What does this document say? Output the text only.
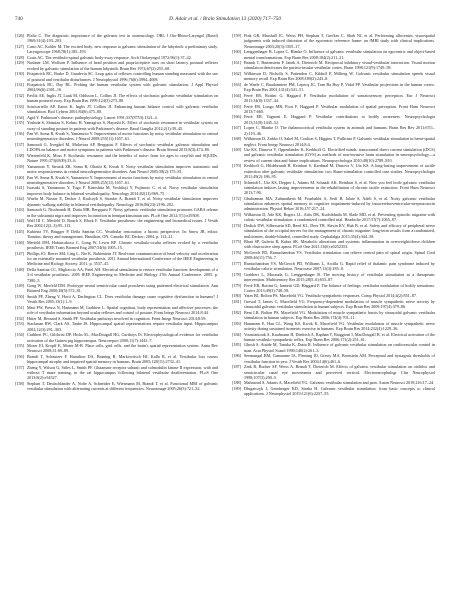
740	D. Adair et al. / Brain Stimulation 13 (2020) 717–750
[126] Pfaltz C. The diagnostic importance of the galvanic test in otoneurology. ORL J Oto-Rhino-Laryngol (Basel) 1969;31(4):193–203.
[127] Curio AC, Kobler M. The excited body: new response to galvanic stimulation of the labyrinth: a preliminary study. Laryngoscope 1968;78(1):185–193.
[128] Coats AC. The vestibulo-spinal galvanic body-sway response. Arch Otolaryngol 1972;96(1):37–42.
[129] Nashner LM, Wolfson P. Influence of head position and proprioceptive cues on short latency postural reflexes evoked by galvanic stimulation of the human labyrinth. Brain Res 1974;67(2):255–68.
[130] Fitzpatrick RC, Burke D, Gandevia SC. Loop gain of reflexes controlling human standing measured with the use of postural and vestibular disturbances. J Neurophysiol 1996;76(6):3994–4008.
[131] Fitzpatrick RC, Day BL. Probing the human vestibular system with galvanic stimulation. J Appl Physiol 2004;96(6):2301–16.
[132] Pavlik AE, Inglis JT, Lauk M, Oddsson L, Collins JJ. The effects of stochastic galvanic vestibular stimulation on human postural sway. Exp Brain Res 1999;124(3):273–80.
[133] Scinicariello AP, Eaton K, Inglis JT, Collins JJ. Enhancing human balance control with galvanic vestibular stimulation. Biol Cybern 2001;84(6):475–80.
[134] Agid Y. Parkinson's disease: pathophysiology. Lancet 1991;337(8753):1321–4.
[135] Yoshida S, Shimizu S, Kohno H, Yamagiwa S, Hayashi K. Effect of stochastic resonance in vestibular system on sway of standing posture in patients with Parkinson's disease. Basal Ganglia 2012;2(1):39–45.
[136] Pan W, Soma R, Kwak S, Yamamoto Y. Improvement of motor functions by noisy vestibular stimulation in central neurodegenerative disorders. J Neurol 2008;255(11):1657–61.
[137] Samoudi G, Jivegård M, Mulavara AP, Bergquist F. Effects of stochastic vestibular galvanic stimulation and LDOPA on balance and motor symptoms in patients with Parkinson's disease. Brain Stimul 2015;8(3):474–80.
[138] Wiesenfeld K, Moss F. Stochastic resonance and the benefits of noise: from ice ages to crayfish and SQUIDs. Nature 1995;373(6509):33–6.
[139] Yamamoto Y, Struzik ZR, Soma R, Ohashi K, Kwak S. Noisy vestibular stimulation improves autonomic and motor responsiveness in central neurodegenerative disorders. Ann Neurol 2005;58(2):175–81.
[140] Pan W, Soma R, Kwak S, Yamamoto Y. Improvement of motor functions by noisy vestibular stimulation in central neurodegenerative disorders. J Neurol 2008;255(11):1657–61.
[141] Iwasaki S, Yamamoto Y, Togo F, Kinoshita M, Yoshifuji Y, Fujimoto C, et al. Noisy vestibular stimulation improves body balance in bilateral vestibulopathy. Neurology 2014;82(11):969–75.
[142] Wuehr M, Nusser E, Decker J, Krafczyk S, Straube A, Brandt T, et al. Noisy vestibular stimulation improves dynamic walking stability in bilateral vestibulopathy. Neurology 2016;86(23):2196–202.
[143] Samoudi G, Nissbrandt H, Dutia MB, Bergquist F. Noisy galvanic vestibular stimulation promotes GABA release in the substantia nigra and improves locomotion in hemiparkinsonian rats. PLoS One 2012;7(1):e29308.
[144] Wall III C, Merfeld D, Rauch S, Black F. Vestibular prostheses: the engineering and biomedical issues. J Vestib Res 2002;12(2–3):95–113.
[145] Kubiena TV, Brugger P, Della Santina CC. Vestibular restoration: a bionic perspective. In: Snow JB, editor. Tinnitus: theory and management. Hamilton, ON, Canada: BC Decker; 2004. p. 112–21.
[146] Merfeld DM, Haburcakova C, Gong W, Lewis RF. Chronic vestibulo-ocular reflexes evoked by a vestibular prosthesis. IEEE Trans Biomed Eng 2007;54(6):1005–15.
[147] Phillips JO, Bierer SM, Ling L, Nie K, Rubinstein JT. Real-time communication of head velocity and acceleration for an externally mounted vestibular prosthesis. 2011 Annual International Conference of the IEEE Engineering in Medicine and Biology Society. 2011. p. 3537–41.
[148] Della Santina CC, Migliaccio AA, Patel AH. Electrical stimulation to restore vestibular function: development of a 3-d vestibular prosthesis. 2005 IEEE Engineering in Medicine and Biology 27th Annual Conference. 2005. p. 7380–5.
[149] Gong W, Merfeld DM. Prototype neural semicircular canal prosthesis using patterned electrical stimulation. Ann Biomed Eng 2000;28(5):572–81.
[150] Smith PF, Zheng Y, Horii A, Darlington CL. Does vestibular damage cause cognitive dysfunction in humans? J Vestib Res 2005;15(1):1–9.
[151] Mast FW, Preuss N, Hartmann M, Grabherr L. Spatial cognition, body representation and affective processes: the role of vestibular information beyond ocular reflexes and control of posture. Front Integr Neurosci 2014;8:44.
[152] Hitier M, Besnard S, Smith PF. Vestibular pathways involved in cognition. Front Integr Neurosci 2014;8:59.
[153] Stackman RW, Clark AS, Taube JS. Hippocampal spatial representations require vestibular input. Hippocampus 2002;12(3):291–303.
[154] Cuthbert PC, Gilchrist DP, Hicks SL, MacDougall HG, Curthoys IS. Electrophysiological evidence for vestibular activation of the Guinea pig hippocampus. Neuroreport 2000;11(7):1443–7.
[155] Moser EI, Kropff E, Moser M-B. Place cells, grid cells, and the brain's spatial representation system. Annu Rev Neurosci 2008;31:69–89.
[156] Brandt T, Schautzer F, Hamilton DA, Brüning R, Markowitsch HJ, Kalla R, et al. Vestibular loss causes hippocampal atrophy and impaired spatial memory in humans. Brain 2005;128(11):2732–41.
[157] Zheng Y, Wilson G, Stiles L, Smith PF. Glutamate receptor subunit and calmodulin kinase II expression, with and without T maze training, in the rat hippocampus following bilateral vestibular deafferentation. PLoS One 2013;8(2):e54527.
[158] Stephan T, Deutschländer A, Nolte A, Schneider E, Wiesmann M, Brandt T, et al. Functional MRI of galvanic vestibular stimulation with alternating currents at different frequencies. Neuroimage 2005;26(3):721–32.
[159] Fink GR, Marshall JC, Weiss PH, Stephan T, Grefkes C, Shah NJ, et al. Performing allocentric visuospatial judgments with induced distortion of the egocentric reference frame: an fMRI study with clinical implications. Neuroimage 2003;20(3):1505–17.
[160] Lenggenhager B, Lopez C, Blanke O. Influence of galvanic vestibular stimulation on egocentric and object-based mental transformations. Exp Brain Res 2008;184(2):211–21.
[161] Brandt T, Bartenstein P, Janek A, Dieterich M. Reciprocal inhibitory visual-vestibular interaction. Visual motion stimulation deactivates the parieto-insular vestibular cortex. Brain 1998;121(9):1749–58.
[162] Wilkinson D, Nicholls S, Pattenden C, Kilduff P, Milberg W. Galvanic vestibular stimulation speeds visual memory recall. Exp Brain Res 2008;189(2):243–8.
[163] de Waele C, Baudonniere PM, Lepecq JC, Tran Ba Huy P, Vidal PP. Vestibular projections in the human cortex. Exp Brain Res 2001;141(4):541–51.
[164] Ferrè ER, Bottini G, Haggard P. Vestibular modulation of somatosensory perception. Eur J Neurosci 2011;34(8):1337–44.
[165] Ferrè ER, Longo MR, Fiori F, Haggard P. Vestibular modulation of spatial perception. Front Hum Neurosci 2013;7:660.
[166] Ferrè ER, Vagnoni E, Haggard P. Vestibular contributions to bodily awareness. Neuropsychologia 2013;51(8):1445–52.
[167] Lopez C, Blanke O. The thalamocortical vestibular system in animals and humans. Brain Res Rev 2011;67(1–2):119–46.
[168] Wilkinson D, Zubko O, Sakel M, Coulton S, Higgins T, Pullicino P. Galvanic vestibular stimulation in hemi-spatial neglect. Front Integr Neurosci 2014;8:4.
[169] Utz KS, Dimova V, Oppenländer K, Kerkhoff G. Electrified minds: transcranial direct current stimulation (tDCS) and galvanic vestibular stimulation (GVS) as methods of non-invasive brain stimulation in neuropsychology—a review of current data and future implications. Neuropsychologia 2010;48(10):2789–810.
[170] Kerkhoff G, Hildebrandt H, Reinhart S, Kardinal M, Dimova V, Utz KS. A long-lasting improvement of tactile extinction after galvanic vestibular stimulation: two Sham-stimulation controlled case studies. Neuropsychologia 2011;49(2):186–95.
[171] Schmidt L, Utz KS, Depper L, Adams M, Schaadt AK, Reinhart S, et al. Now you feel both: galvanic vestibular stimulation induces lasting improvements in the rehabilitation of chronic tactile extinction. Front Hum Neurosci 2013;7:90.
[172] Ghahraman MA, Zahmatkesh M, Pourbakht A, Seifi B, Jalaie S, Adeli S, et al. Noisy galvanic vestibular stimulation enhances spatial memory in cognitive impairment-induced by intracerebroventricular-streptozotocin administration. Physiol Behav 2016;157:217–24.
[173] Wilkinson D, Ade KK, Rogers LL, Attix DK, Kuchibhatla M, Slade MD, et al. Preventing episodic migraine with caloric vestibular stimulation: a randomized controlled trial. Headache 2017;57(7):1065–87.
[174] Dodick DW, Silberstein SD, Reed KL, Deer TR, Slavin KV, Huh B, et al. Safety and efficacy of peripheral nerve stimulation of the occipital nerves for the management of chronic migraine: long-term results from a randomized, multicenter, double-blinded, controlled study. Cephalalgia 2015;35(4):344–58.
[175] Bhatt SP, Guleria R, Kabra SK. Metabolic alterations and systemic inflammation in overweight/obese children with obstructive sleep apnea. PLoS One 2021;16(6):e0252353.
[176] McGeoch PD, Ramachandran VS. Vestibular stimulation can relieve central pain of spinal origin. Spinal Cord 2008;46(11):756–7.
[177] Ramachandran VS, McGeoch PD, Williams L, Arcilla G. Rapid relief of thalamic pain syndrome induced by vestibular caloric stimulation. Neurocase 2007;13(3):185–8.
[178] Grabherr L, Macauda G, Lenggenhager B. The moving history of vestibular stimulation as a therapeutic intervention. Multisensory Res 2015;28(5–6):653–87.
[179] Ferrè ER, Bottini G, Iannetti GD, Haggard P. The balance of feelings: vestibular modulation of bodily sensations. Cortex 2013;49(3):748–58.
[180] Yates BJ, Bolton PS, Macefield VG. Vestibulo-sympathetic responses. Comp Physiol 2014;4(2):851–87.
[181] Grewal T, James C, Macefield VG. Frequency-dependent modulation of muscle sympathetic nerve activity by sinusoidal galvanic vestibular stimulation in human subjects. Exp Brain Res 2009;197(4):379–86.
[182] Bent LR, Bolton PS, Macefield VG. Modulation of muscle sympathetic bursts by sinusoidal galvanic vestibular stimulation in human subjects. Exp Brain Res 2006;174(4):701–11.
[183] Hammam E, Hau CL, Wong KS, Kwok K, Macefield VG. Vestibular modulation of muscle sympathetic nerve activity during sustained isometric exercise in humans. Exp Brain Res 2014;232(4):1229–36.
[184] Voustianiouk A, Kaufmann H, Diedrich A, Raphan T, Biaggioni I, MacDougall H, et al. Electrical activation of the human vestibulo-sympathetic reflex. Exp Brain Res 2006;171(2):251–61.
[185] Ghosh S, Ataide M, Tanaka K, Dutta R. Influence of galvanic vestibular stimulation on cardiovascular control in man. Acta Physiol Scand 1990;140(2):261–3.
[186] Seemungal BM, Gunaratne IA, Fleming IO, Gresty MA, Bronstein AM. Perceptual and nystagmic thresholds of vestibular function in yaw. J Vestib Res 2004;14(6):461–6.
[187] Zink R, Bucher SF, Weiss A, Brandt T, Dieterich M. Effects of galvanic vestibular stimulation on otolithic and semicircular canal eye movements and perceived vertical. Electroencephalogr Clin Neurophysiol 1998;107(3):200–5.
[188] Mahmoud S, Adams A, Macefield VG. Galvanic vestibular stimulation and pain. Auton Neurosci 2019;216:17–24.
[189] Dlugaiczyk J, Gensberger KD, Straka H. Galvanic vestibular stimulation: from basic concepts to clinical applications. J Neurophysiol 2019;121(6):2237–55.
